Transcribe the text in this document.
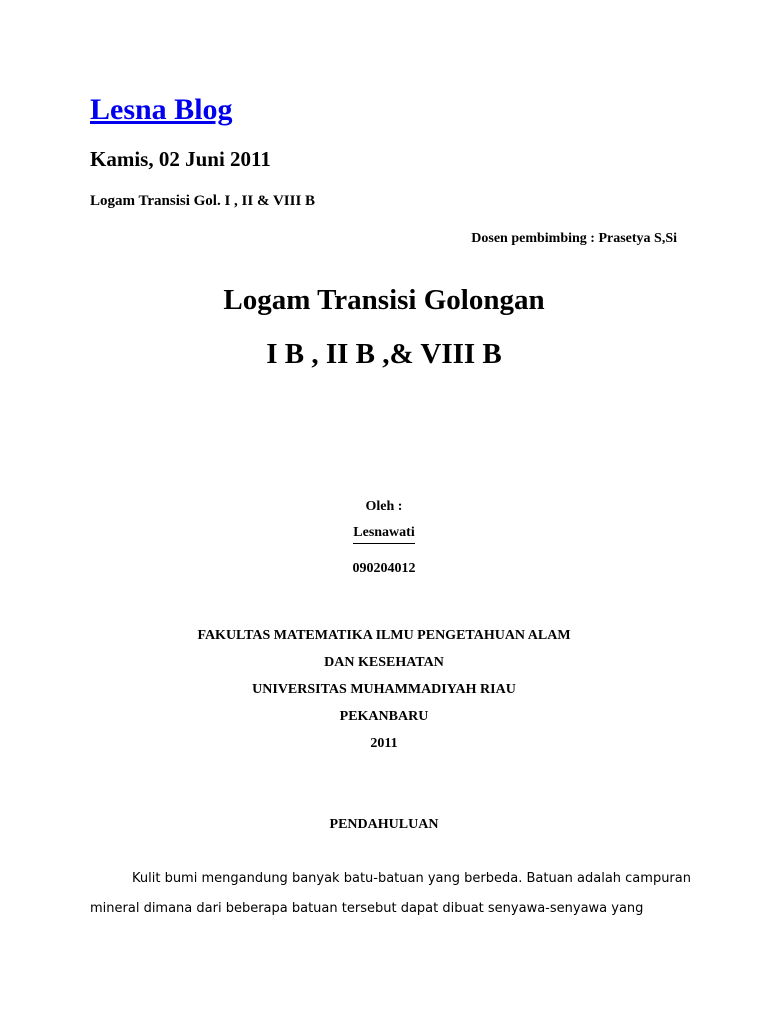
Lesna Blog
Kamis, 02 Juni 2011

Logam Transisi Gol. I , II & VIII B

Dosen pembimbing : Prasetya S,Si

Logam Transisi Golongan
I B , II B ,& VIII B

Oleh :

Lesnawati

090204012

FAKULTAS MATEMATIKA ILMU PENGETAHUAN ALAM

DAN KESEHATAN

UNIVERSITAS MUHAMMADIYAH RIAU

PEKANBARU

2011

PENDAHULUAN

Kulit bumi mengandung banyak batu-batuan yang berbeda. Batuan adalah campuran

mineral dimana dari beberapa batuan tersebut dapat dibuat senyawa-senyawa yang
